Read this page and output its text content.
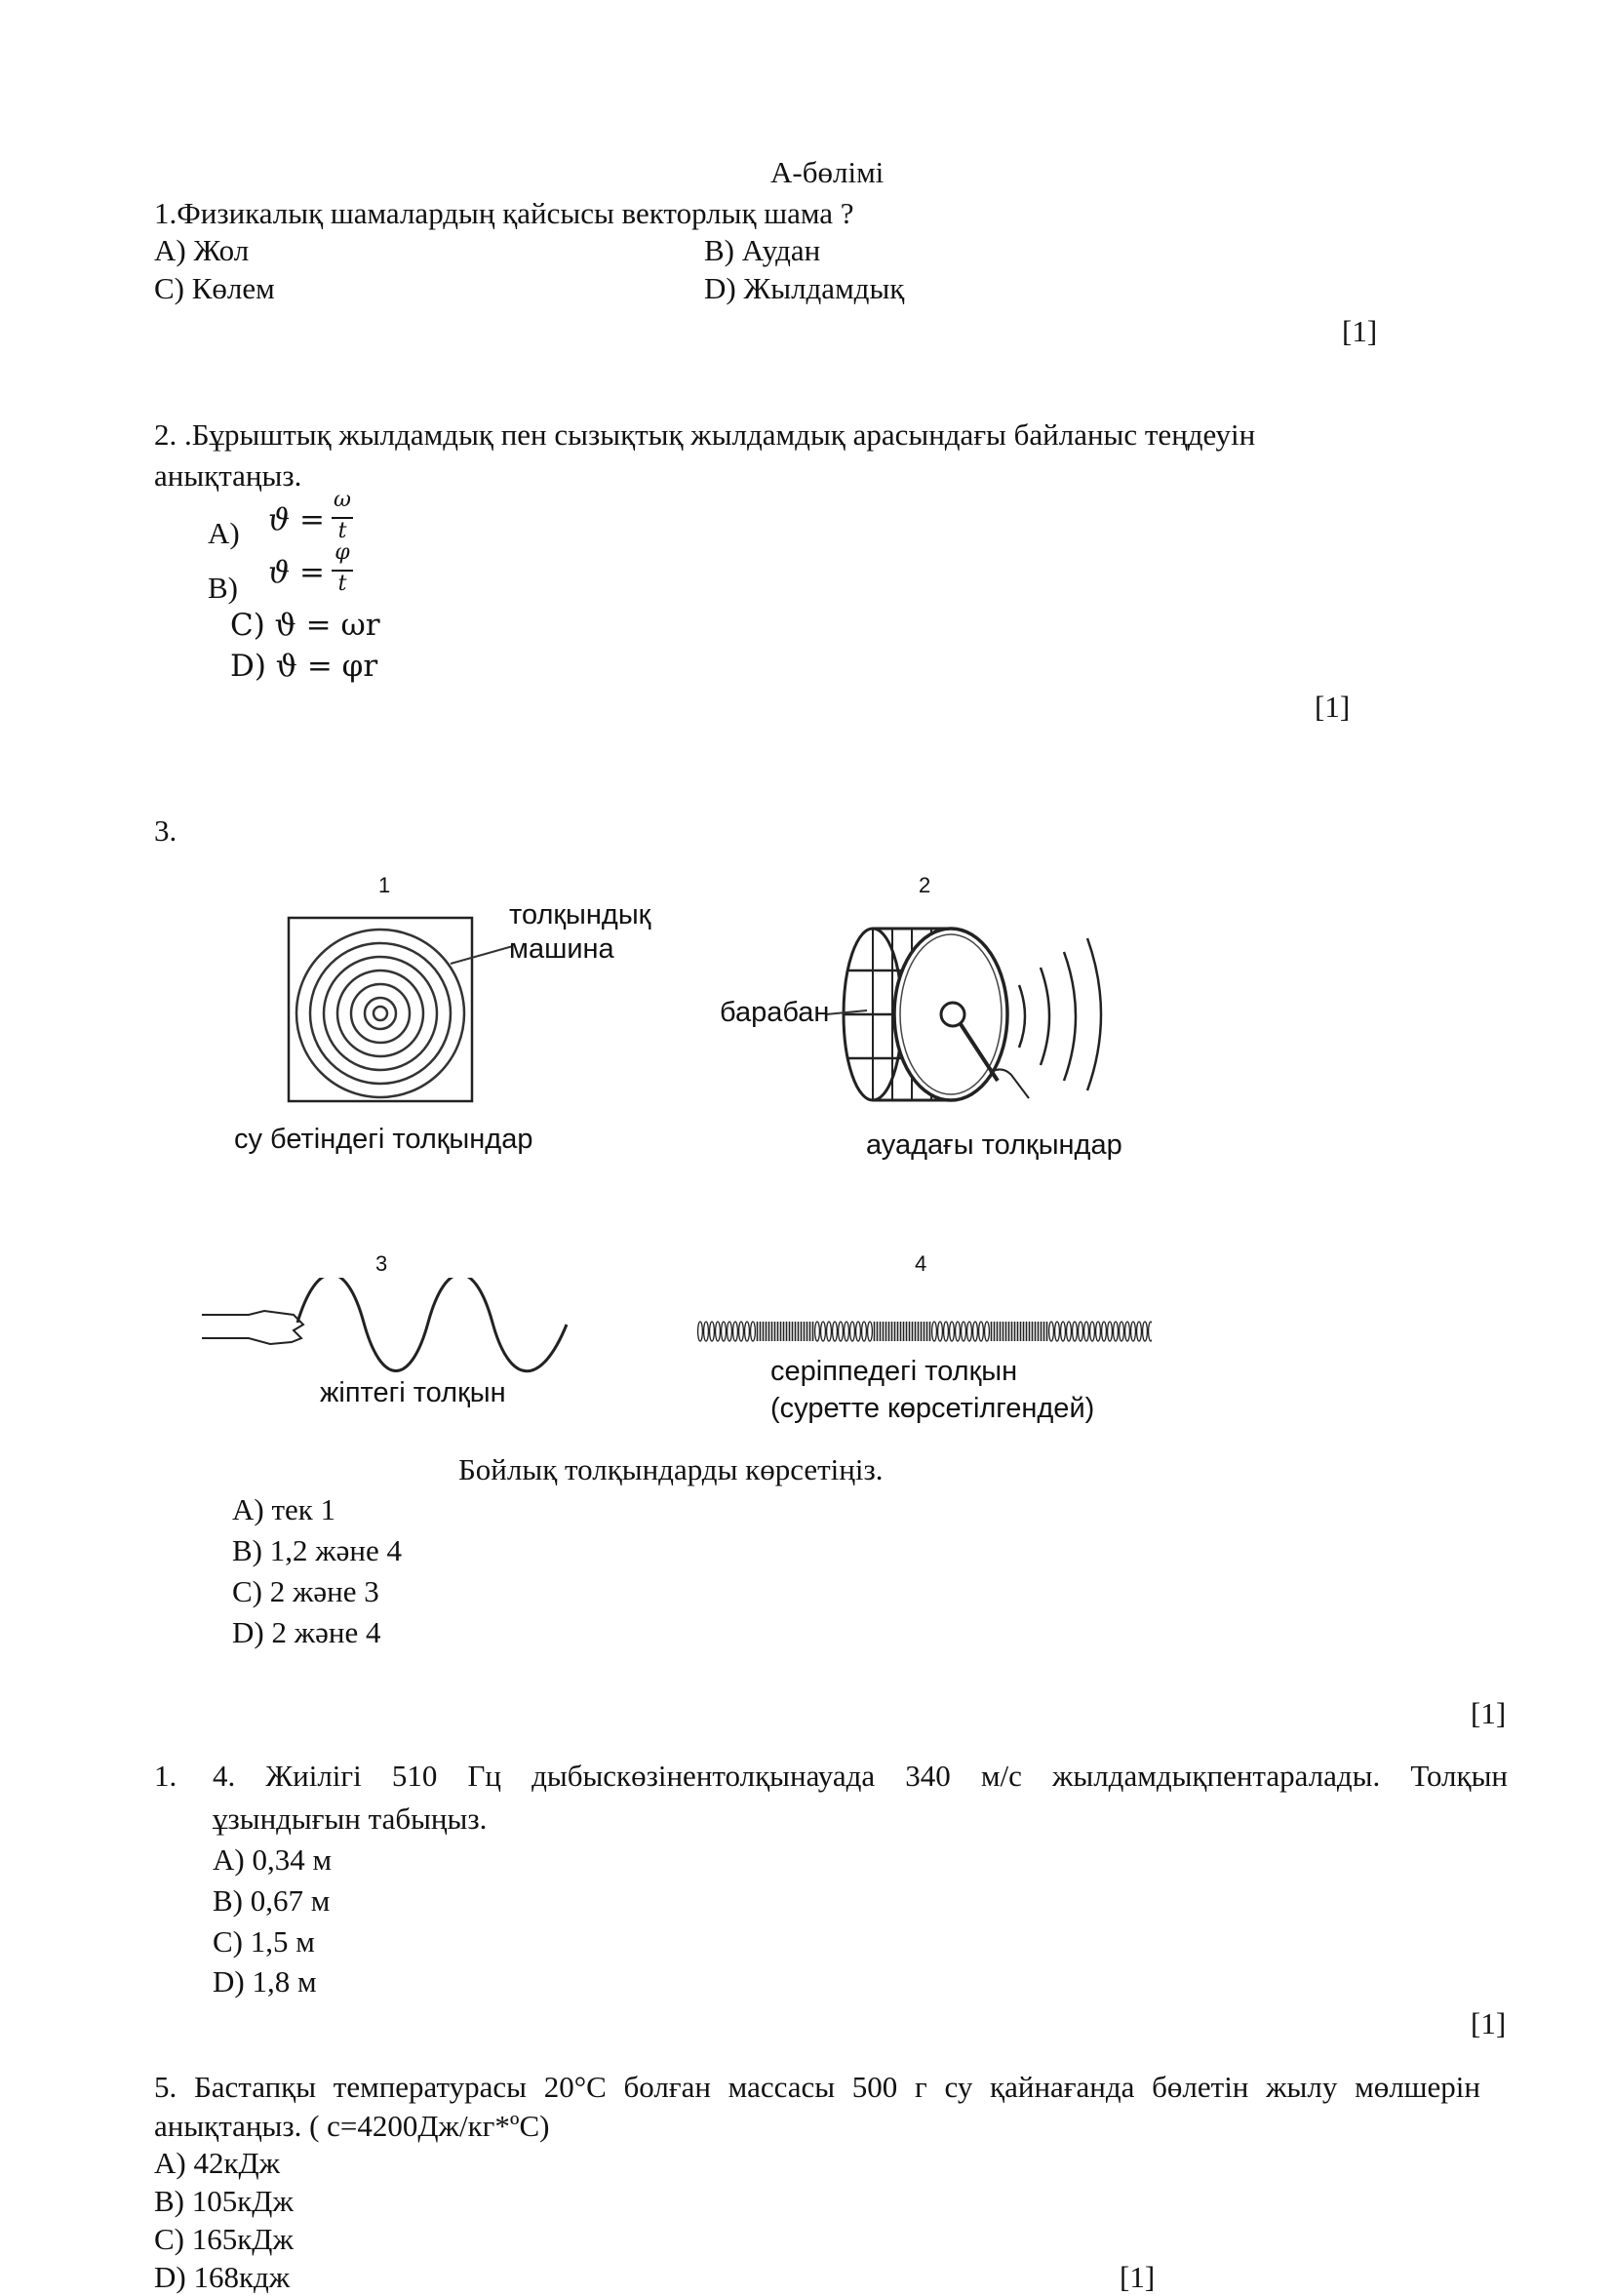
А-бөлімі
1.Физикалық шамалардың қайсысы векторлық шама ?
A) Жол	B) Аудан
C) Көлем	D) Жылдамдық
[1]
2. .Бұрыштық жылдамдық пен сызықтық жылдамдық арасындағы байланыс теңдеуін
анықтаңыз.
A) ϑ =
ω
t
B) ϑ =
φ
t
C) ϑ = ωr
D) ϑ = φr
[1]
3.
1
толқындық
машина
су бетіндегі толқындар
2
барабан
ауадағы толқындар
3
жіптегі толқын
4
серіппедегі толқын
(суретте көрсетілгендей)
Бойлық толқындарды көрсетіңіз.
A) тек 1
B) 1,2 және 4
C) 2 және 3
D) 2 және 4
[1]
1. 4. Жиілігі 510 Гц дыбыскөзінентолқынауада 340 м/с жылдамдықпентаралады. Толқын
ұзындығын табыңыз.
A) 0,34 м
B) 0,67 м
C) 1,5 м
D) 1,8 м
[1]
5. Бастапқы температурасы 20°С болған массасы 500 г су қайнағанда бөлетін жылу мөлшерін
анықтаңыз. ( с=4200Дж/кг*ºС)
A) 42кДж
B) 105кДж
C) 165кДж
D) 168кдж	[1]
